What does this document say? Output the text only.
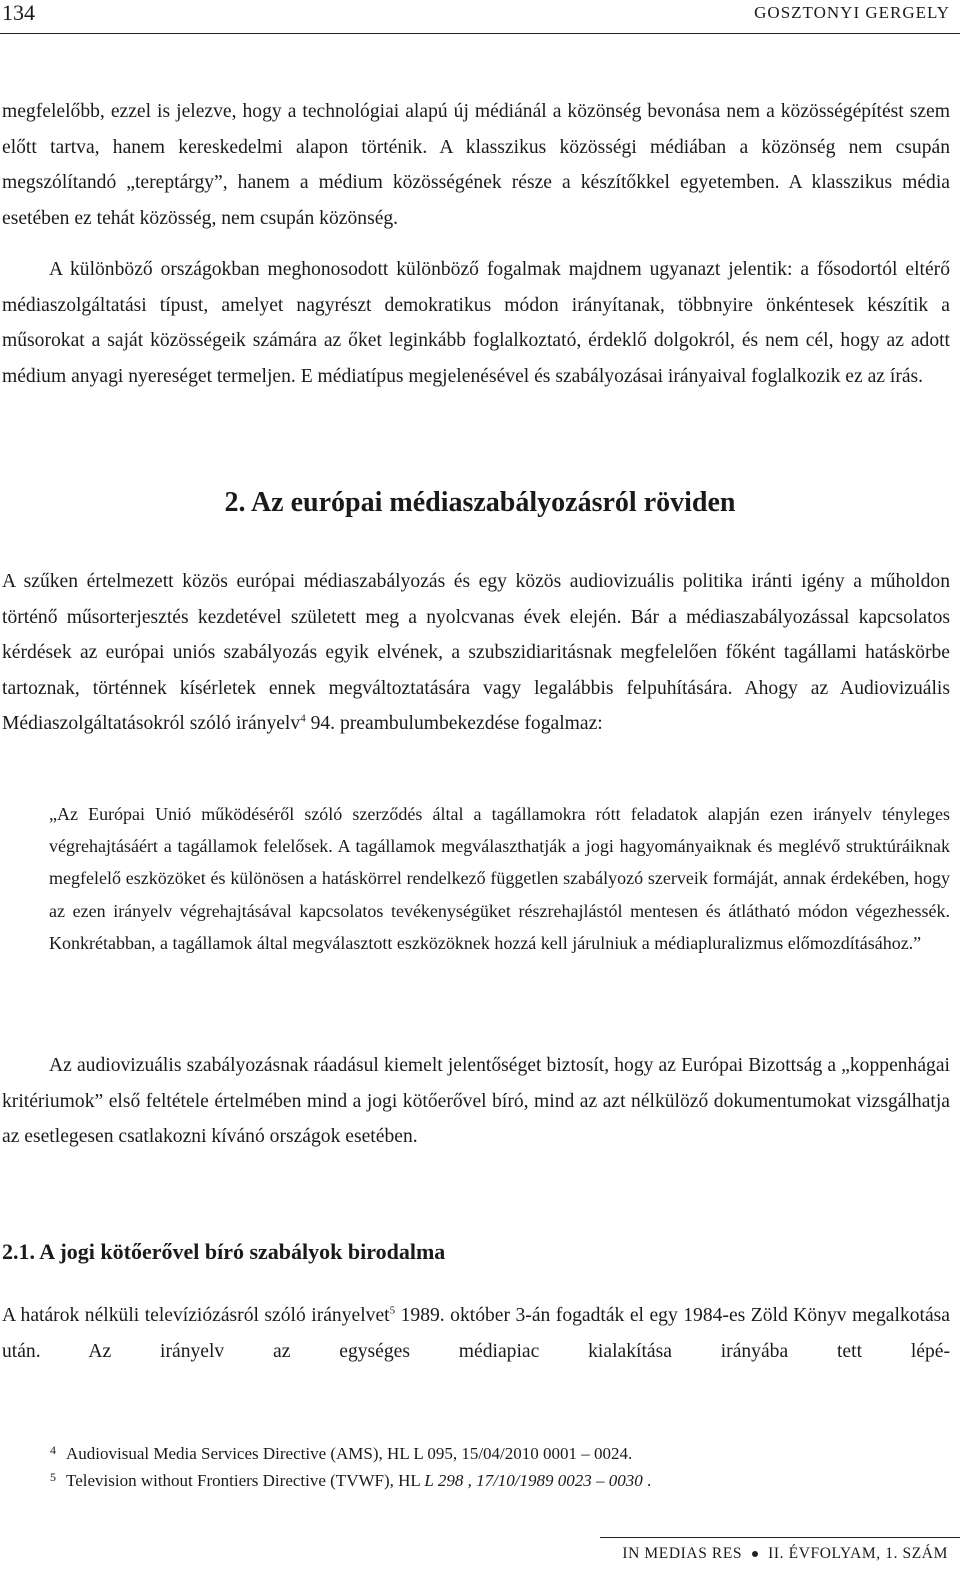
134	GOSZTONYI GERGELY

megfelelőbb, ezzel is jelezve, hogy a technológiai alapú új médiánál a közönség bevonása nem a közösségépítést szem előtt tartva, hanem kereskedelmi alapon történik. A klasszikus közösségi médiában a közönség nem csupán megszólítandó „tereptárgy”, hanem a médium közösségének része a készítőkkel egyetemben. A klasszikus média esetében ez tehát közösség, nem csupán közönség.

A különböző országokban meghonosodott különböző fogalmak majdnem ugyanazt jelentik: a fősodortól eltérő médiaszolgáltatási típust, amelyet nagyrészt demokratikus módon irányítanak, többnyire önkéntesek készítik a műsorokat a saját közösségeik számára az őket leginkább foglalkoztató, érdeklő dolgokról, és nem cél, hogy az adott médium anyagi nyereséget termeljen. E médiatípus megjelenésével és szabályozásai irányaival foglalkozik ez az írás.

2. Az európai médiaszabályozásról röviden

A szűken értelmezett közös európai médiaszabályozás és egy közös audiovizuális politika iránti igény a műholdon történő műsorterjesztés kezdetével született meg a nyolcvanas évek elején. Bár a médiaszabályozással kapcsolatos kérdések az európai uniós szabályozás egyik elvének, a szubszidiaritásnak megfelelően főként tagállami hatáskörbe tartoznak, történnek kísérletek ennek megváltoztatására vagy legalábbis felpuhítására. Ahogy az Audiovizuális Médiaszolgáltatásokról szóló irányelv$^4$ 94. preambulumbekezdése fogalmaz:

„Az Európai Unió működéséről szóló szerződés által a tagállamokra rótt feladatok alapján ezen irányelv tényleges végrehajtásáért a tagállamok felelősek. A tagállamok megválaszthatják a jogi hagyományaiknak és meglévő struktúráiknak megfelelő eszközöket és különösen a hatáskörrel rendelkező független szabályozó szerveik formáját, annak érdekében, hogy az ezen irányelv végrehajtásával kapcsolatos tevékenységüket részrehajlástól mentesen és átlátható módon végezhessék. Konkrétabban, a tagállamok által megválasztott eszközöknek hozzá kell járulniuk a médiapluralizmus előmozdításához.”

Az audiovizuális szabályozásnak ráadásul kiemelt jelentőséget biztosít, hogy az Európai Bizottság a „koppenhágai kritériumok” első feltétele értelmében mind a jogi kötőerővel bíró, mind az azt nélkülöző dokumentumokat vizsgálhatja az esetlegesen csatlakozni kívánó országok esetében.

2.1. A jogi kötőerővel bíró szabályok birodalma

A határok nélküli televíziózásról szóló irányelvet$^5$ 1989. október 3-án fogadták el egy 1984-es Zöld Könyv megalkotása után. Az irányelv az egységes médiapiac kialakítása irányába tett lépé-

4 Audiovisual Media Services Directive (AMS), HL L 095, 15/04/2010 0001 – 0024.

5 Television without Frontiers Directive (TVWF), HL L 298 , 17/10/1989 0023 – 0030 .

IN MEDIAS RES II. ÉVFOLYAM, 1. SZÁM
